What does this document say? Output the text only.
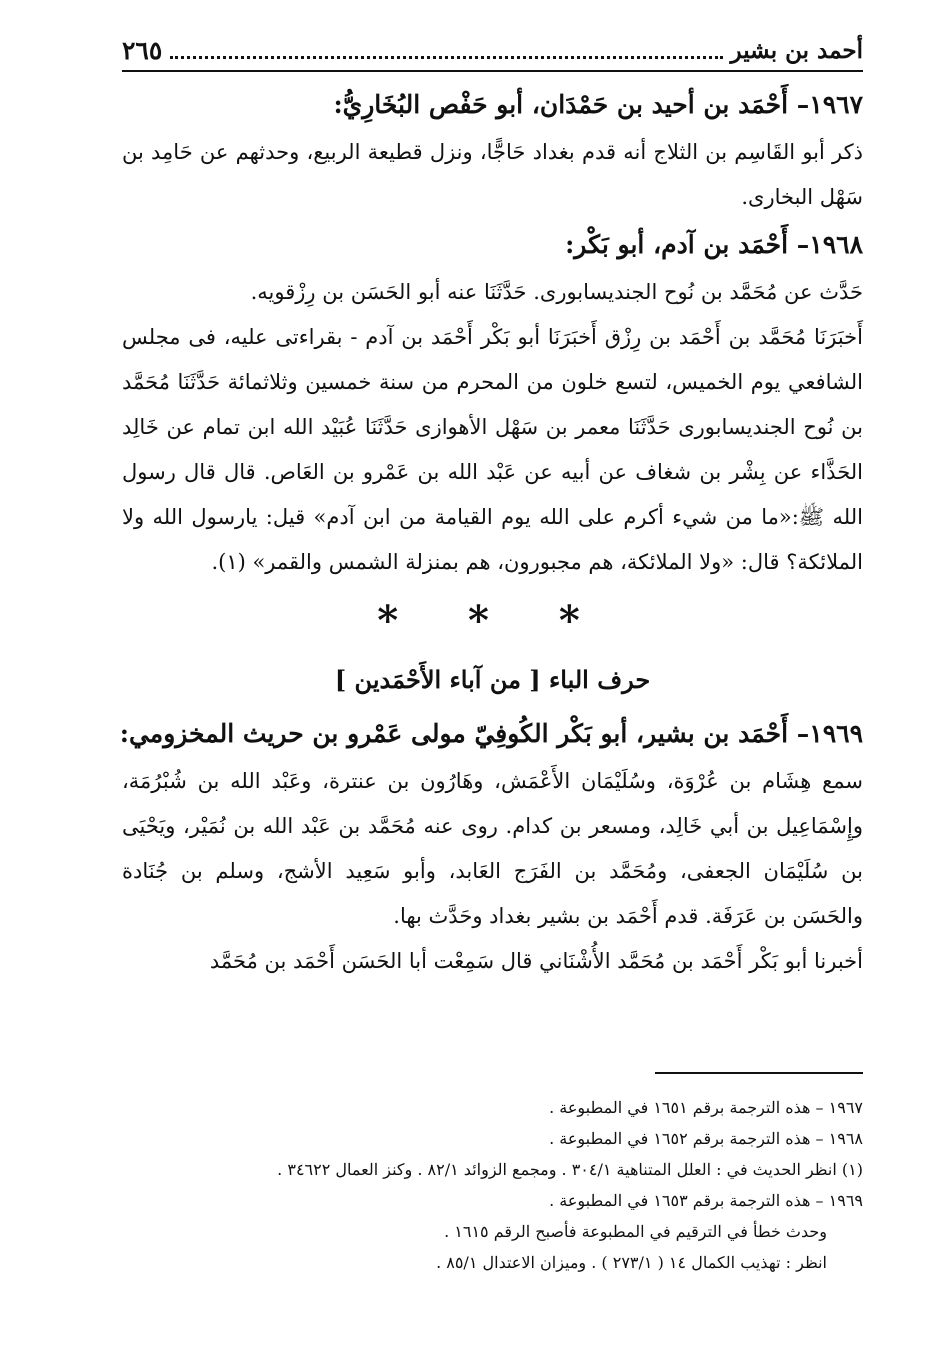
أحمد بن بشير
٢٦٥

١٩٦٧– أَحْمَد بن أحيد بن حَمْدَان، أبو حَفْص البُخَارِيُّ:

ذكر أبو القَاسِم بن الثلاج أنه قدم بغداد حَاجًّا، ونزل قطيعة الربيع، وحدثهم عن حَامِد بن سَهْل البخارى.

١٩٦٨– أَحْمَد بن آدم، أبو بَكْر:

حَدَّث عن مُحَمَّد بن نُوح الجنديسابورى. حَدَّثَنَا عنه أبو الحَسَن بن رِزْقويه.

أَخبَرَنَا مُحَمَّد بن أَحْمَد بن رِزْق أَخبَرَنَا أبو بَكْر أَحْمَد بن آدم - بقراءتى عليه، فى مجلس الشافعي يوم الخميس، لتسع خلون من المحرم من سنة خمسين وثلاثمائة حَدَّثَنَا مُحَمَّد بن نُوح الجنديسابورى حَدَّثَنَا معمر بن سَهْل الأهوازى حَدَّثَنَا عُبَيْد الله ابن تمام عن خَالِد الحَذَّاء عن بِشْر بن شغاف عن أبيه عن عَبْد الله بن عَمْرو بن العَاص. قال قال رسول الله ﷺ:«ما من شيء أكرم على الله يوم القيامة من ابن آدم» قيل: يارسول الله ولا الملائكة؟ قال: «ولا الملائكة، هم مجبورون، هم بمنزلة الشمس والقمر» (١).

* * *

حرف الباء [ من آباء الأَحْمَدين ]

١٩٦٩– أَحْمَد بن بشير، أبو بَكْر الكُوفِيّ مولى عَمْرو بن حريث المخزومي:

سمع هِشَام بن عُرْوَة، وسُلَيْمَان الأَعْمَش، وهَارُون بن عنترة، وعَبْد الله بن شُبْرُمَة، وإِسْمَاعِيل بن أبي خَالِد، ومسعر بن كدام. روى عنه مُحَمَّد بن عَبْد الله بن نُمَيْر، ويَحْيَى بن سُلَيْمَان الجعفى، ومُحَمَّد بن الفَرَج العَابد، وأبو سَعِيد الأشج، وسلم بن جُنَادة والحَسَن بن عَرَفَة. قدم أَحْمَد بن بشير بغداد وحَدَّث بها.

أخبرنا أبو بَكْر أَحْمَد بن مُحَمَّد الأُشْنَاني قال سَمِعْت أبا الحَسَن أَحْمَد بن مُحَمَّد

١٩٦٧ – هذه الترجمة برقم ١٦٥١ في المطبوعة .

١٩٦٨ – هذه الترجمة برقم ١٦٥٢ في المطبوعة .

(١) انظر الحديث في : العلل المتناهية ٣٠٤/١ . ومجمع الزوائد ٨٢/١ . وكنز العمال ٣٤٦٢٢ .

١٩٦٩ – هذه الترجمة برقم ١٦٥٣ في المطبوعة .

وحدث خطأ في الترقيم في المطبوعة فأصبح الرقم ١٦١٥ .

انظر : تهذيب الكمال ١٤ ( ٢٧٣/١ ) . وميزان الاعتدال ٨٥/١ .
